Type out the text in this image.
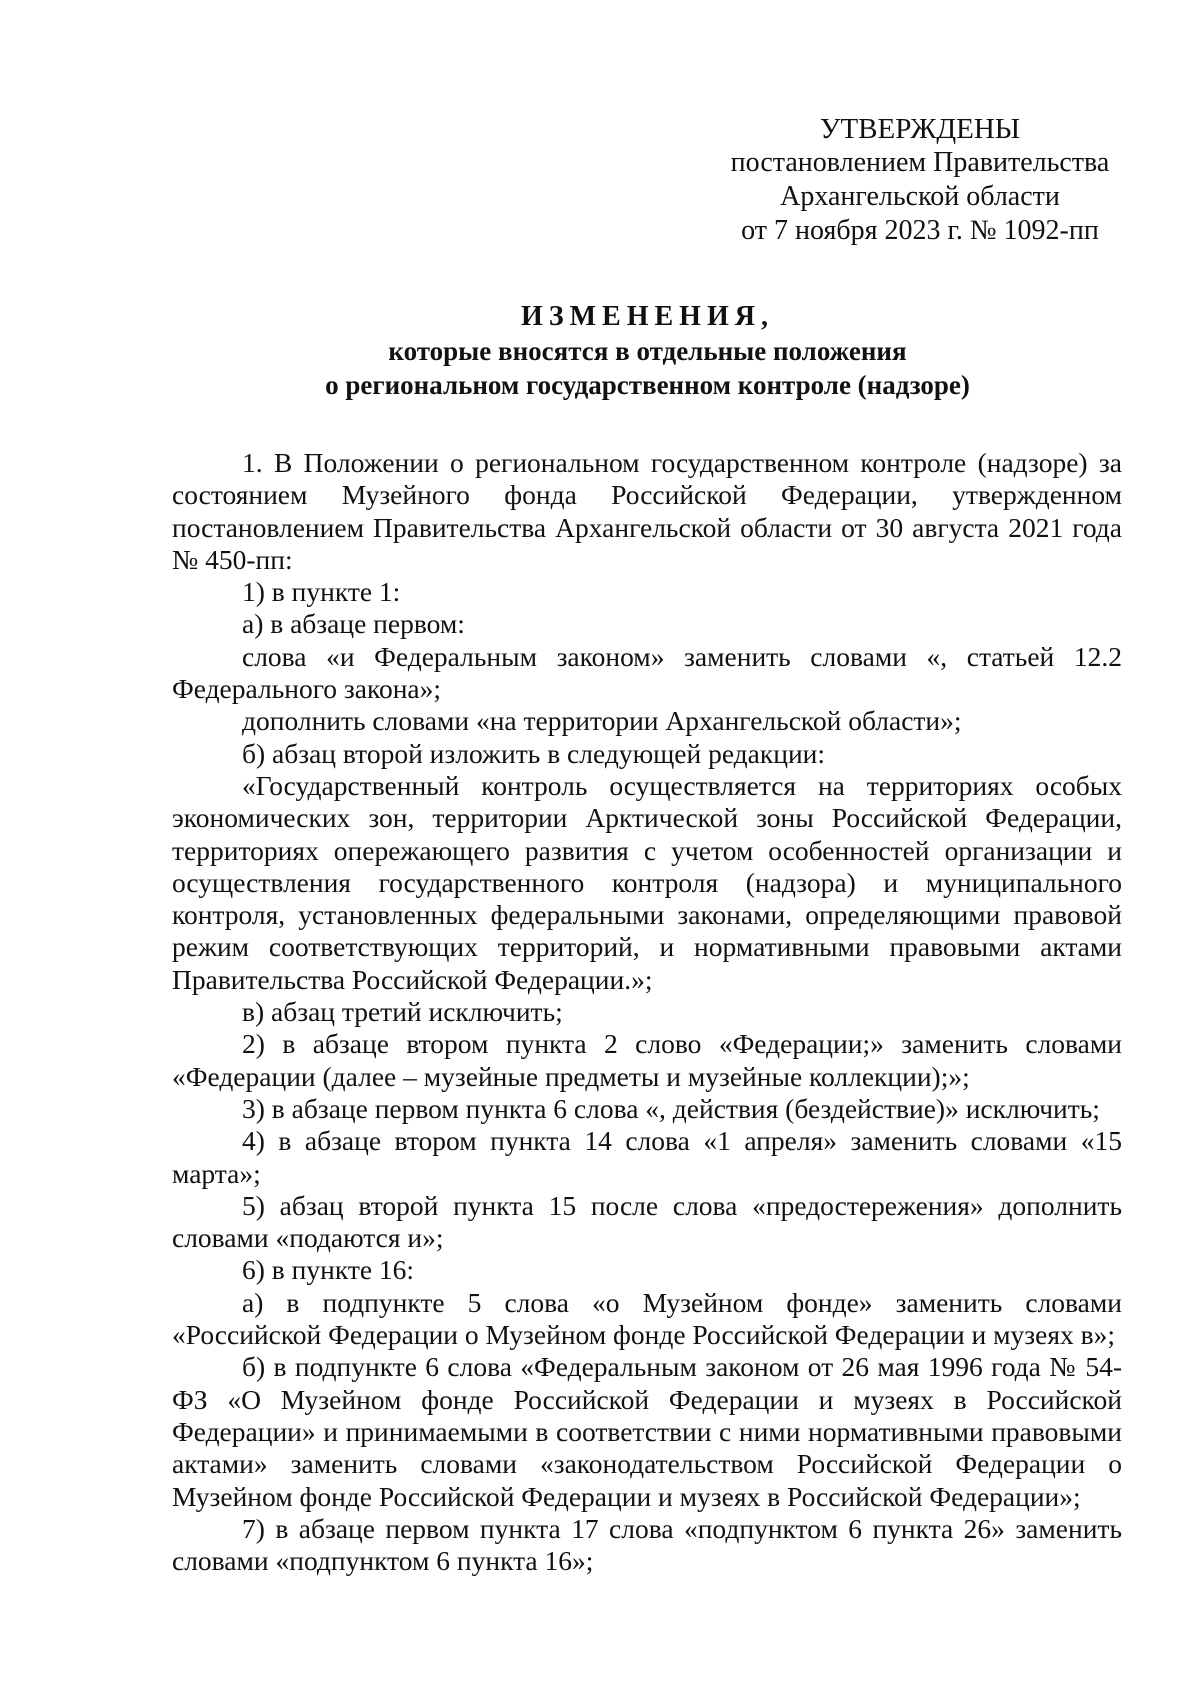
УТВЕРЖДЕНЫ
постановлением Правительства
Архангельской области
от 7 ноября 2023 г. № 1092-пп
ИЗМЕНЕНИЯ,
которые вносятся в отдельные положения
о региональном государственном контроле (надзоре)

1. В Положении о региональном государственном контроле (надзоре) за состоянием Музейного фонда Российской Федерации, утвержденном постановлением Правительства Архангельской области от 30 августа 2021 года № 450-пп:

1) в пункте 1:

а) в абзаце первом:

слова «и Федеральным законом» заменить словами «, статьей 12.2 Федерального закона»;

дополнить словами «на территории Архангельской области»;

б) абзац второй изложить в следующей редакции:

«Государственный контроль осуществляется на территориях особых экономических зон, территории Арктической зоны Российской Федерации, территориях опережающего развития с учетом особенностей организации и осуществления государственного контроля (надзора) и муниципального контроля, установленных федеральными законами, определяющими правовой режим соответствующих территорий, и нормативными правовыми актами Правительства Российской Федерации.»;

в) абзац третий исключить;

2) в абзаце втором пункта 2 слово «Федерации;» заменить словами «Федерации (далее – музейные предметы и музейные коллекции);»;

3) в абзаце первом пункта 6 слова «, действия (бездействие)» исключить;

4) в абзаце втором пункта 14 слова «1 апреля» заменить словами «15 марта»;

5) абзац второй пункта 15 после слова «предостережения» дополнить словами «подаются и»;

6) в пункте 16:

а) в подпункте 5 слова «о Музейном фонде» заменить словами «Российской Федерации о Музейном фонде Российской Федерации и музеях в»;

б) в подпункте 6 слова «Федеральным законом от 26 мая 1996 года № 54-ФЗ «О Музейном фонде Российской Федерации и музеях в Российской Федерации» и принимаемыми в соответствии с ними нормативными правовыми актами» заменить словами «законодательством Российской Федерации о Музейном фонде Российской Федерации и музеях в Российской Федерации»;

7) в абзаце первом пункта 17 слова «подпунктом 6 пункта 26» заменить словами «подпунктом 6 пункта 16»;
